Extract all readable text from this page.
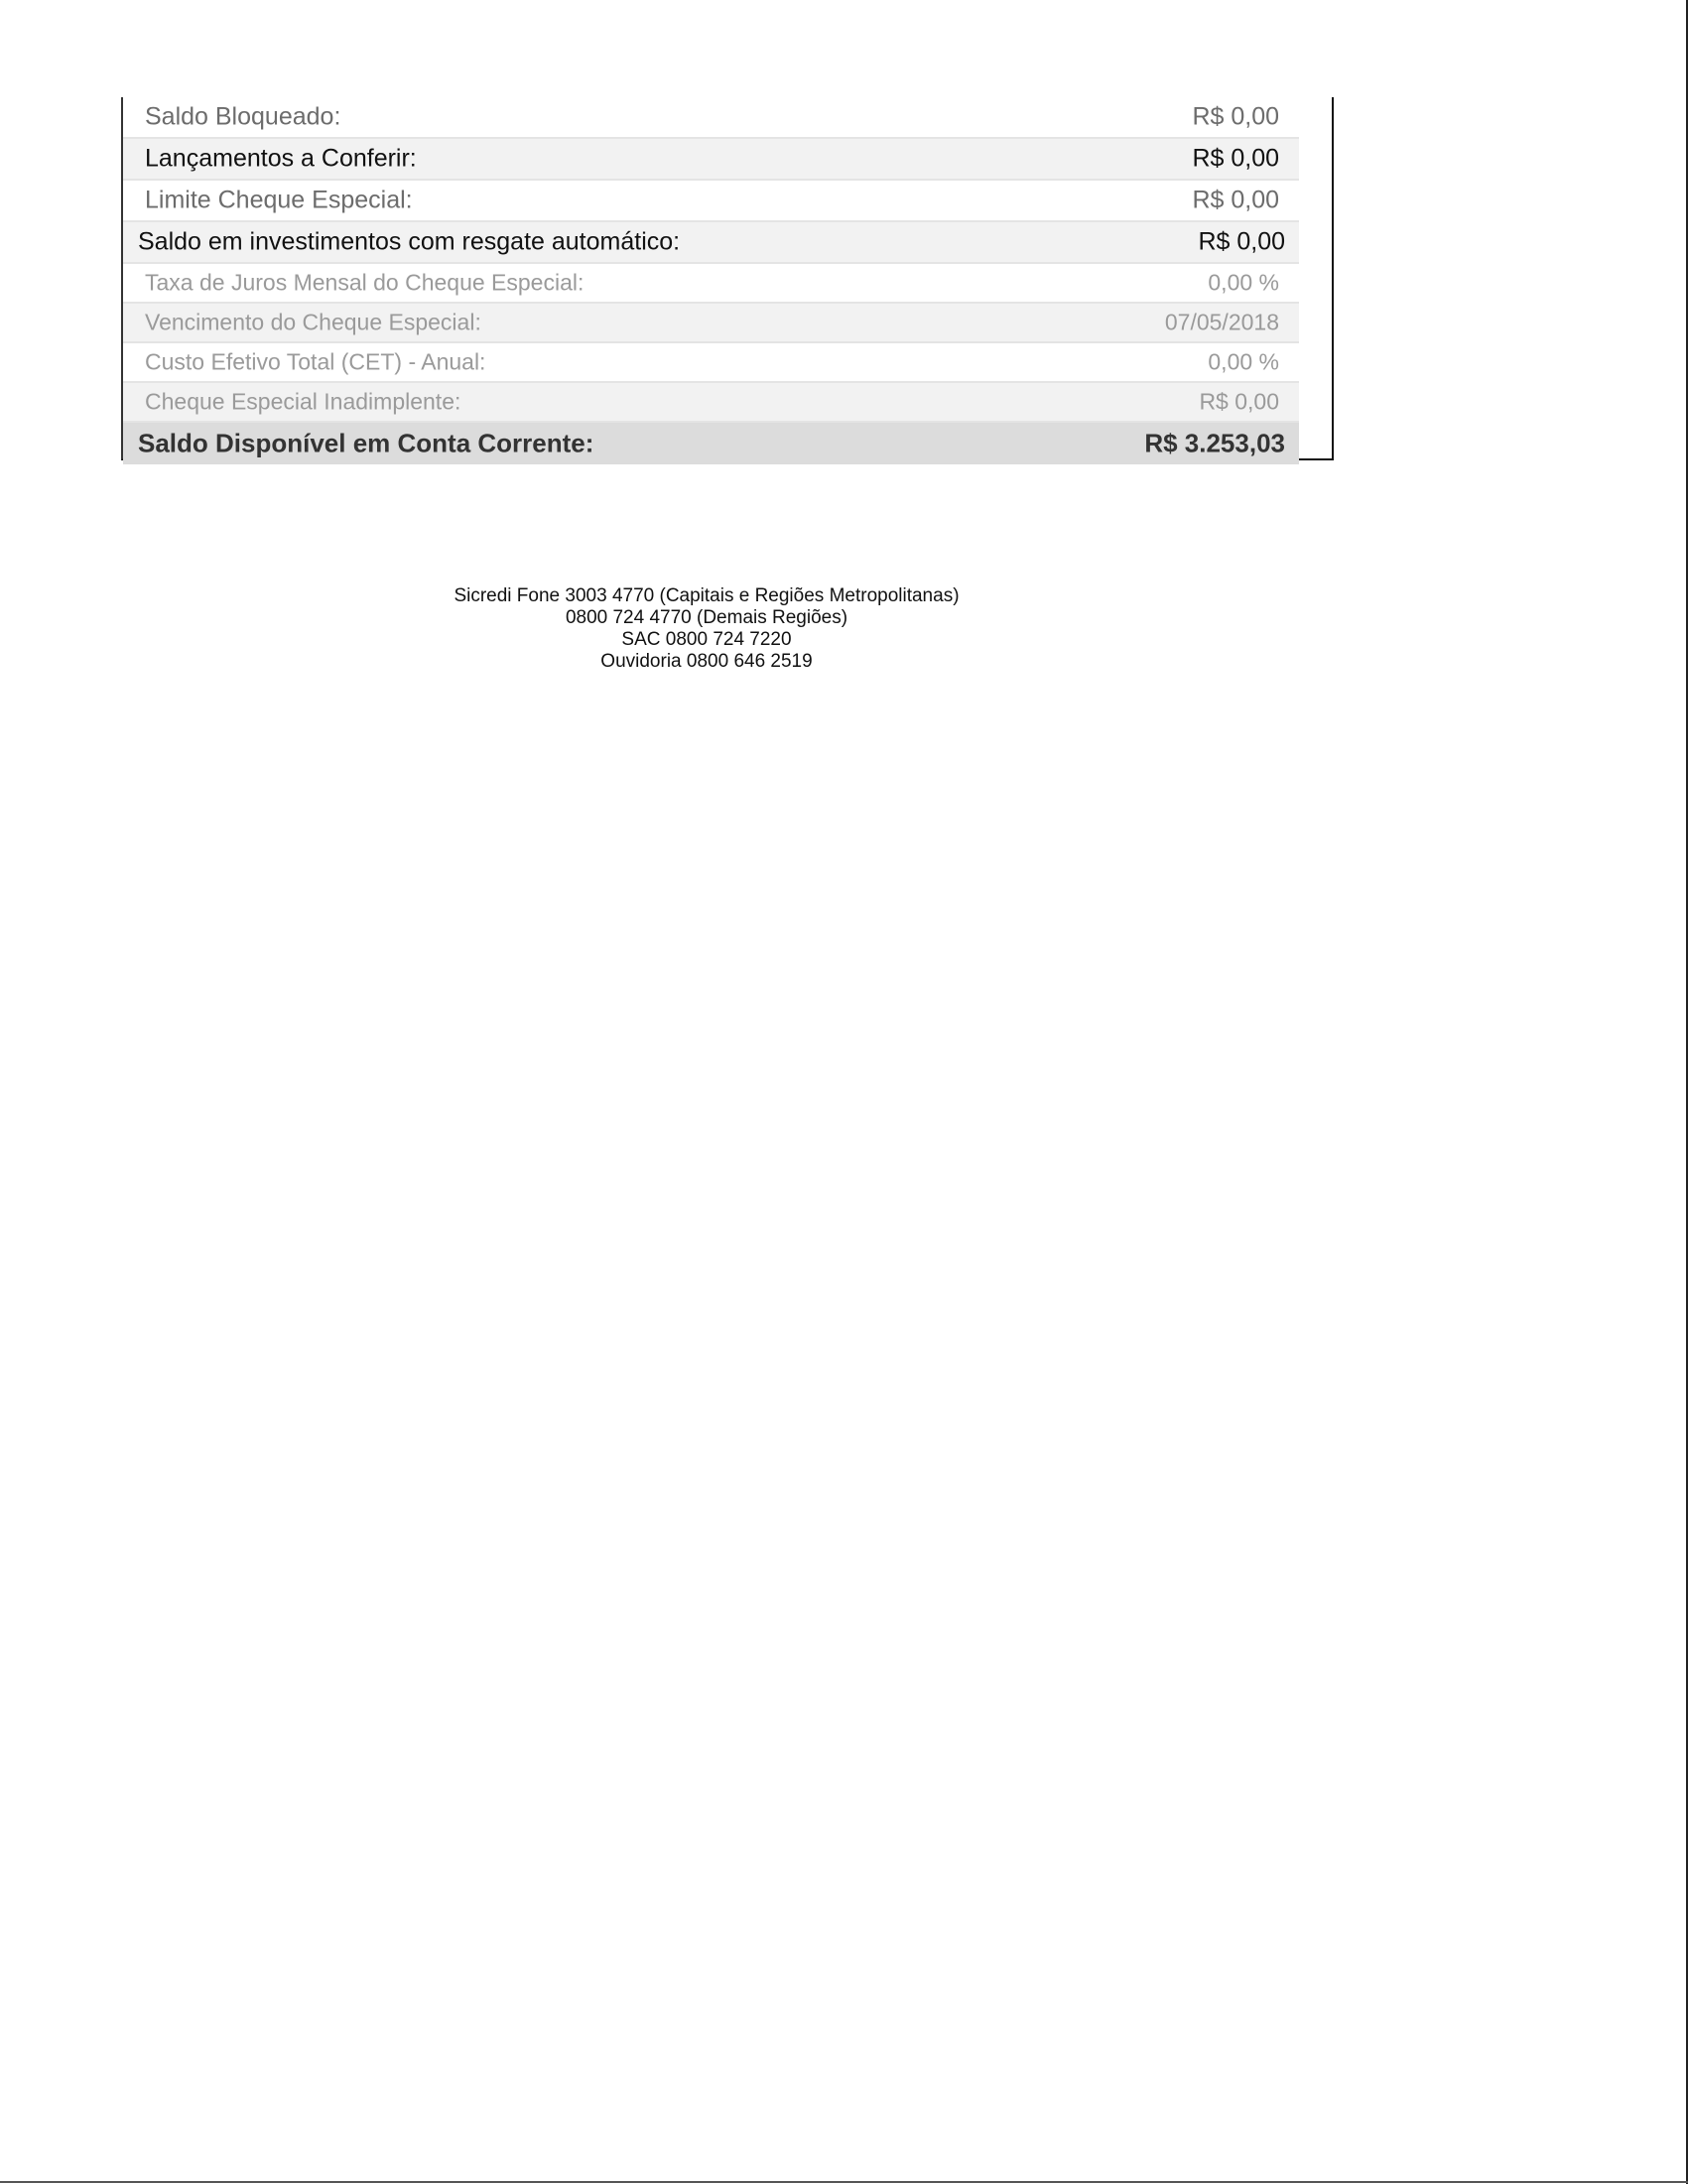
Saldo Bloqueado:	R$ 0,00
Lançamentos a Conferir:	R$ 0,00
Limite Cheque Especial:	R$ 0,00
Saldo em investimentos com resgate automático:	R$ 0,00
Taxa de Juros Mensal do Cheque Especial:	0,00 %
Vencimento do Cheque Especial:	07/05/2018
Custo Efetivo Total (CET) - Anual:	0,00 %
Cheque Especial Inadimplente:	R$ 0,00
Saldo Disponível em Conta Corrente:	R$ 3.253,03
Sicredi Fone 3003 4770 (Capitais e Regiões Metropolitanas)
0800 724 4770 (Demais Regiões)
SAC 0800 724 7220
Ouvidoria 0800 646 2519
